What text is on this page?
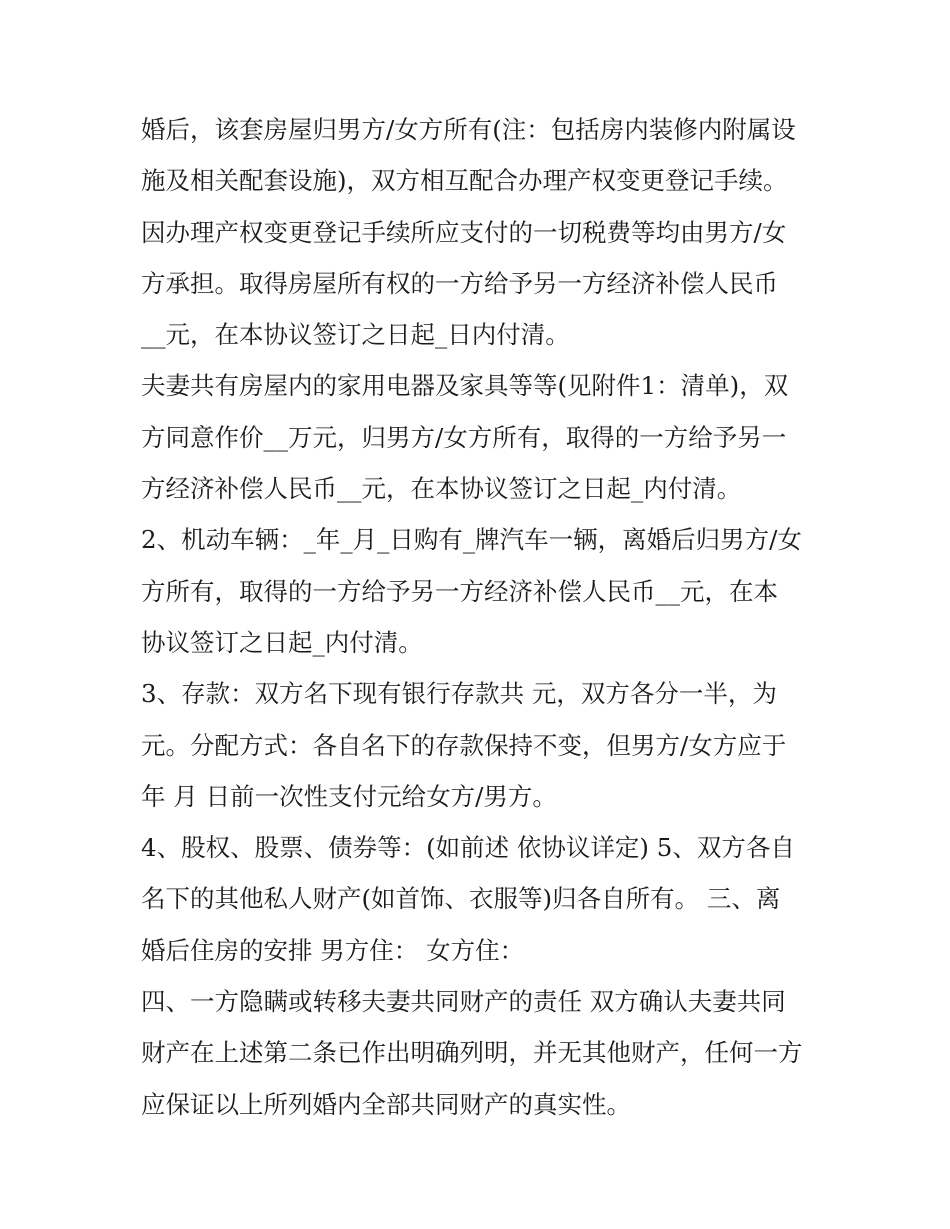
婚后，该套房屋归男方/女方所有(注：包括房内装修内附属设
施及相关配套设施)，双方相互配合办理产权变更登记手续。
因办理产权变更登记手续所应支付的一切税费等均由男方/女
方承担。取得房屋所有权的一方给予另一方经济补偿人民币
__元，在本协议签订之日起_日内付清。
夫妻共有房屋内的家用电器及家具等等(见附件1：清单)，双
方同意作价__万元，归男方/女方所有，取得的一方给予另一
方经济补偿人民币__元，在本协议签订之日起_内付清。
2、机动车辆：_年_月_日购有_牌汽车一辆，离婚后归男方/女
方所有，取得的一方给予另一方经济补偿人民币__元，在本
协议签订之日起_内付清。
3、存款：双方名下现有银行存款共 元，双方各分一半，为
元。分配方式：各自名下的存款保持不变，但男方/女方应于
年 月 日前一次性支付元给女方/男方。
4、股权、股票、债券等：(如前述 依协议详定) 5、双方各自
名下的其他私人财产(如首饰、衣服等)归各自所有。 三、离
婚后住房的安排 男方住： 女方住：
四、一方隐瞒或转移夫妻共同财产的责任 双方确认夫妻共同
财产在上述第二条已作出明确列明，并无其他财产，任何一方
应保证以上所列婚内全部共同财产的真实性。
